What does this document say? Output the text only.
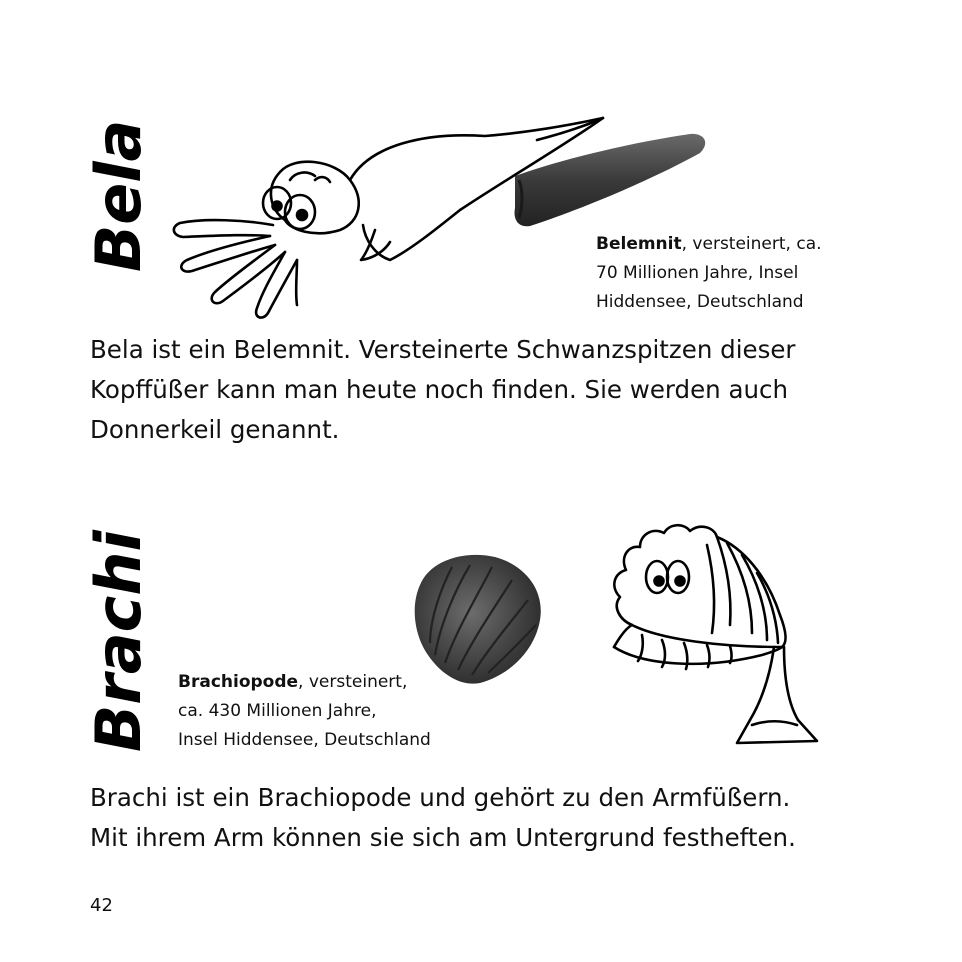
Bela	Belemnit, versteinert, ca.
70 Millionen Jahre, Insel
Hiddensee, Deutschland
Bela ist ein Belemnit. Versteinerte Schwanzspitzen dieser
Kopffüßer kann man heute noch finden. Sie werden auch
Donnerkeil genannt.
Brachi Brachiopode, versteinert,
ca. 430 Millionen Jahre,
Insel Hiddensee, Deutschland
Brachi ist ein Brachiopode und gehört zu den Armfüßern.
Mit ihrem Arm können sie sich am Untergrund festheften.
42
